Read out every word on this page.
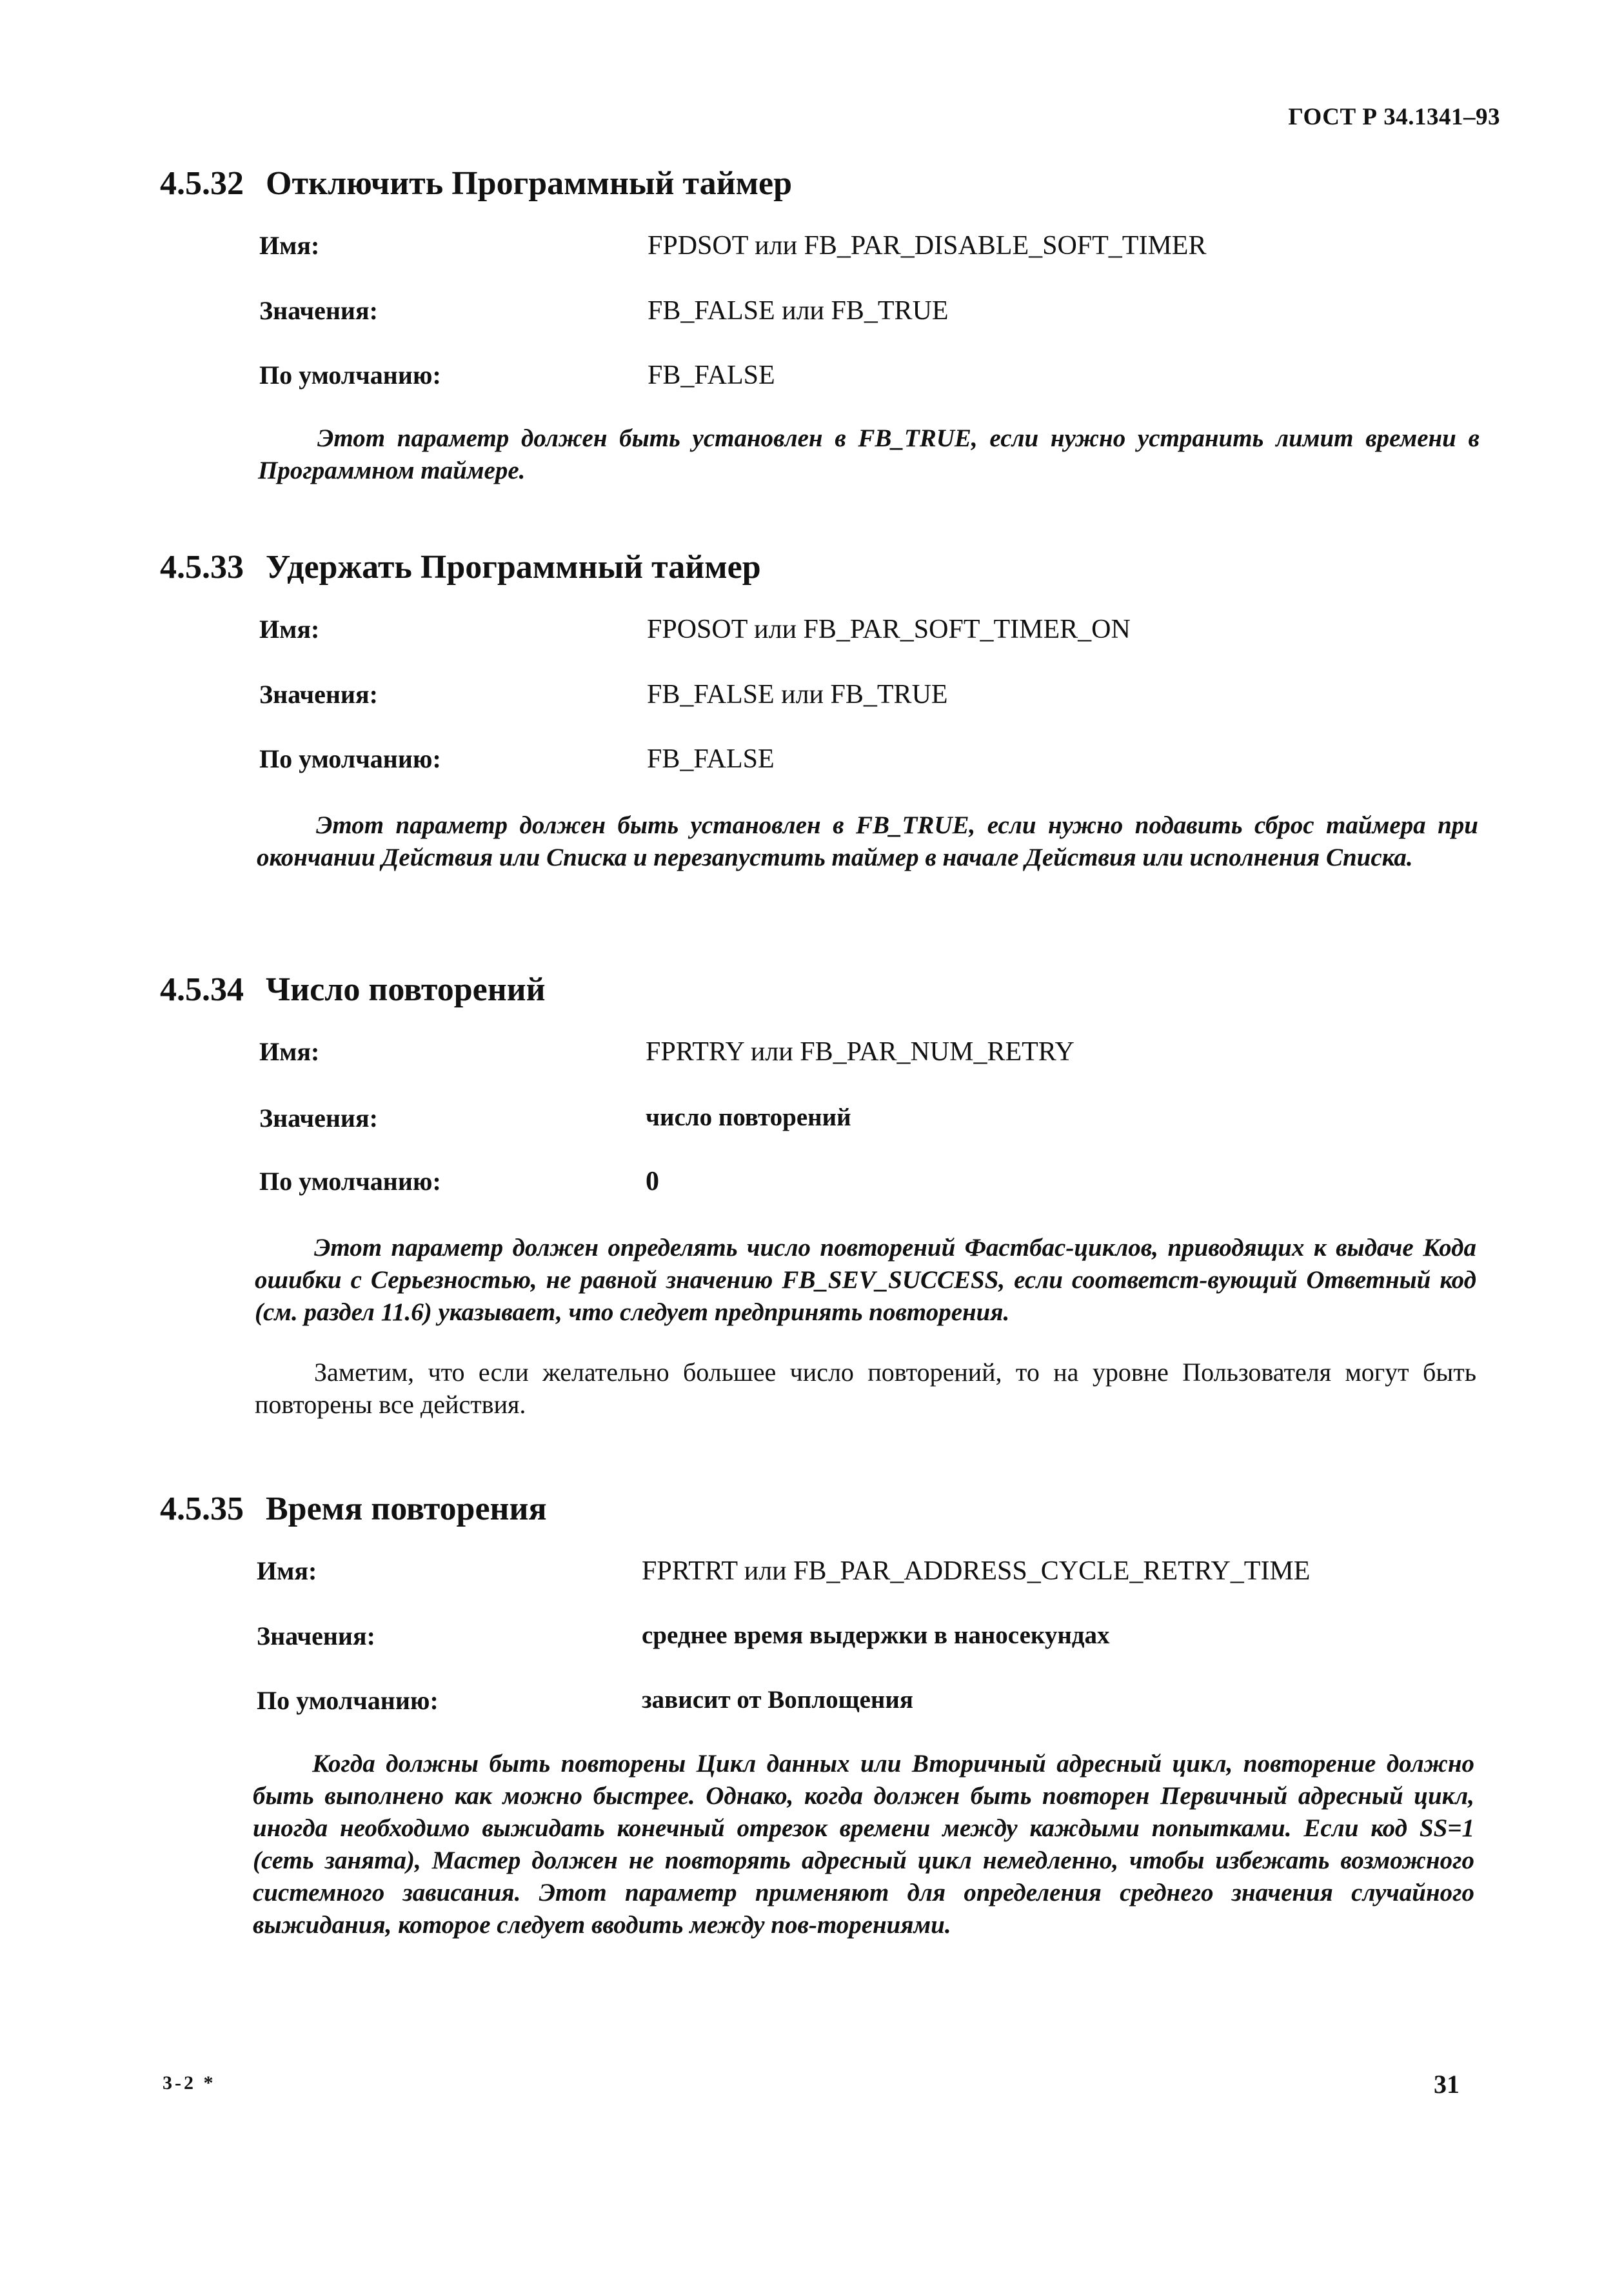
ГОСТ Р 34.1341–93
4.5.32 Отключить Программный таймер
Имя:	FPDSOT или FB_PAR_DISABLE_SOFT_TIMER
Значения:	FB_FALSE или FB_TRUE
По умолчанию:	FB_FALSE
Этот параметр должен быть установлен в FB_TRUE, если нужно устранить лимит времени в Программном таймере.
4.5.33 Удержать Программный таймер
Имя:	FPOSOT или FB_PAR_SOFT_TIMER_ON
Значения:	FB_FALSE или FB_TRUE
По умолчанию:	FB_FALSE
Этот параметр должен быть установлен в FB_TRUE, если нужно подавить сброс таймера при окончании Действия или Списка и перезапустить таймер в начале Действия или исполнения Списка.
4.5.34 Число повторений
Имя:	FPRTRY или FB_PAR_NUM_RETRY
Значения:	число повторений
По умолчанию:	0
Этот параметр должен определять число повторений Фастбас-циклов, приводящих к выдаче Кода ошибки с Серьезностью, не равной значению FB_SEV_SUCCESS, если соответст-вующий Ответный код (см. раздел 11.6) указывает, что следует предпринять повторения.
Заметим, что если желательно большее число повторений, то на уровне Пользователя могут быть повторены все действия.
4.5.35 Время повторения
Имя:	FPRTRT или FB_PAR_ADDRESS_CYCLE_RETRY_TIME
Значения:	среднее время выдержки в наносекундах
По умолчанию:	зависит от Воплощения
Когда должны быть повторены Цикл данных или Вторичный адресный цикл, повторение должно быть выполнено как можно быстрее. Однако, когда должен быть повторен Первичный адресный цикл, иногда необходимо выжидать конечный отрезок времени между каждыми попытками. Если код SS=1 (сеть занята), Мастер должен не повторять адресный цикл немедленно, чтобы избежать возможного системного зависания. Этот параметр применяют для определения среднего значения случайного выжидания, которое следует вводить между пов-торениями.
3-2 *	31
